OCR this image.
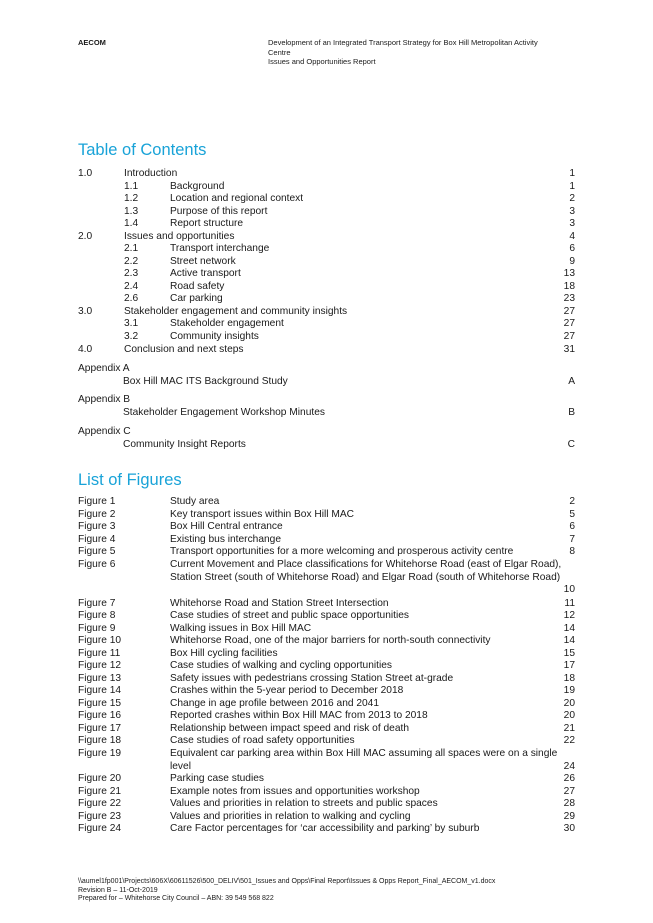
AECOM	Development of an Integrated Transport Strategy for Box Hill Metropolitan Activity
Centre
Issues and Opportunities Report
Table of Contents
1.0	Introduction	1
1.1	Background	1
1.2	Location and regional context	2
1.3	Purpose of this report	3
1.4	Report structure	3
2.0	Issues and opportunities	4
2.1	Transport interchange	6
2.2	Street network	9
2.3	Active transport	13
2.4	Road safety	18
2.6	Car parking	23
3.0	Stakeholder engagement and community insights	27
3.1	Stakeholder engagement	27
3.2	Community insights	27
4.0	Conclusion and next steps	31
Appendix A
Box Hill MAC ITS Background Study	A
Appendix B
Stakeholder Engagement Workshop Minutes	B
Appendix C
Community Insight Reports	C
List of Figures
Figure 1	Study area	2
Figure 2	Key transport issues within Box Hill MAC	5
Figure 3	Box Hill Central entrance	6
Figure 4	Existing bus interchange	7
Figure 5	Transport opportunities for a more welcoming and prosperous activity centre	8
Figure 6	Current Movement and Place classifications for Whitehorse Road (east of Elgar Road), Station Street (south of Whitehorse Road) and Elgar Road (south of Whitehorse Road)
10
Figure 7	Whitehorse Road and Station Street Intersection	11
Figure 8	Case studies of street and public space opportunities	12
Figure 9	Walking issues in Box Hill MAC	14
Figure 10	Whitehorse Road, one of the major barriers for north-south connectivity	14
Figure 11	Box Hill cycling facilities	15
Figure 12	Case studies of walking and cycling opportunities	17
Figure 13	Safety issues with pedestrians crossing Station Street at-grade	18
Figure 14	Crashes within the 5-year period to December 2018	19
Figure 15	Change in age profile between 2016 and 2041	20
Figure 16	Reported crashes within Box Hill MAC from 2013 to 2018	20
Figure 17	Relationship between impact speed and risk of death	21
Figure 18	Case studies of road safety opportunities	22
Figure 19	Equivalent car parking area within Box Hill MAC assuming all spaces were on a single level	24
Figure 20	Parking case studies	26
Figure 21	Example notes from issues and opportunities workshop	27
Figure 22	Values and priorities in relation to streets and public spaces	28
Figure 23	Values and priorities in relation to walking and cycling	29
Figure 24	Care Factor percentages for ‘car accessibility and parking’ by suburb	30
\\aumel1fp001\Projects\606X\60611526\500_DELIV\501_Issues and Opps\Final Report\Issues & Opps Report_Final_AECOM_v1.docx
Revision B – 11-Oct-2019
Prepared for – Whitehorse City Council – ABN: 39 549 568 822
